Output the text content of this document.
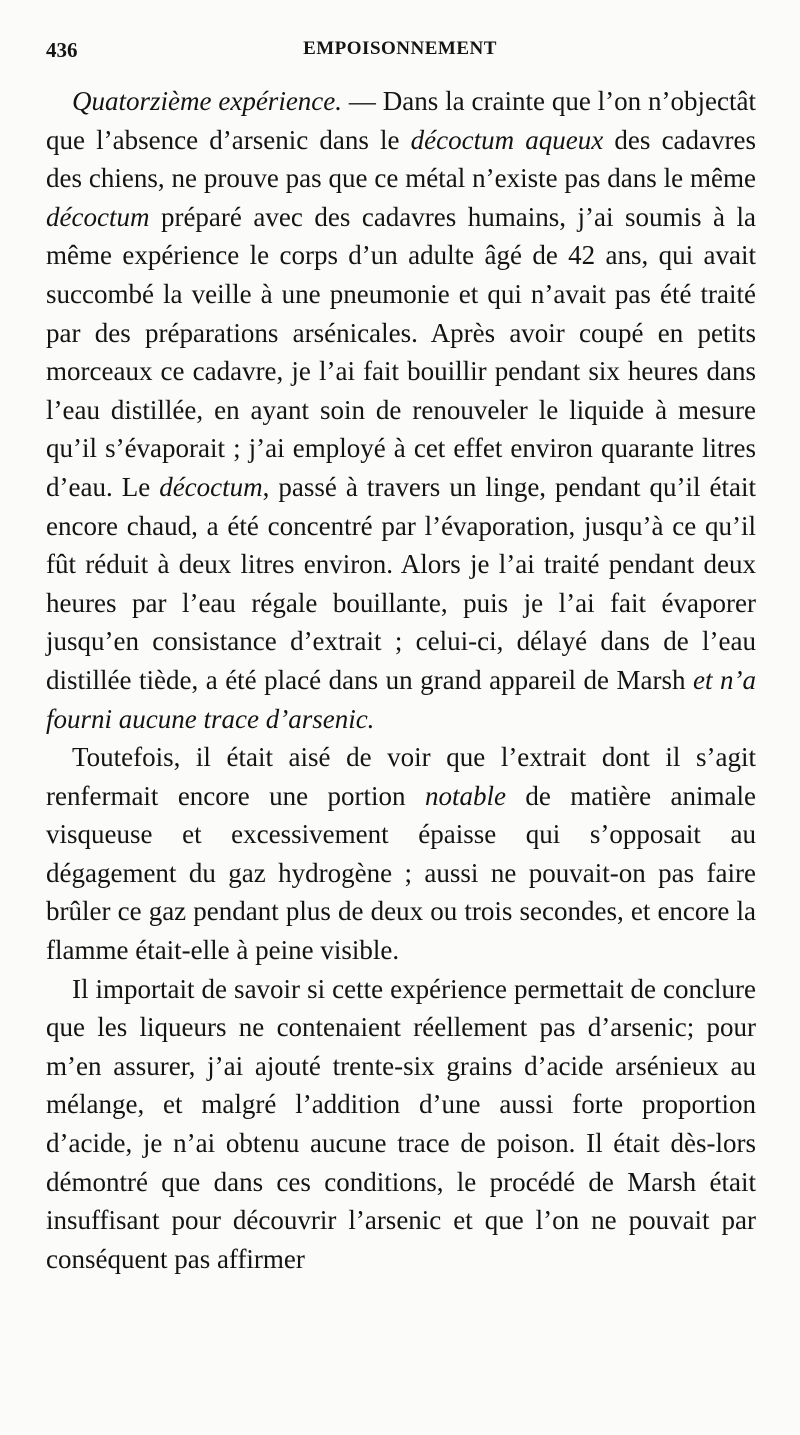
436	EMPOISONNEMENT

Quatorzième expérience. — Dans la crainte que l’on n’objectât que l’absence d’arsenic dans le décoctum aqueux des cadavres des chiens, ne prouve pas que ce métal n’existe pas dans le même décoctum préparé avec des cadavres humains, j’ai soumis à la même expérience le corps d’un adulte âgé de 42 ans, qui avait succombé la veille à une pneumonie et qui n’avait pas été traité par des préparations arsénicales. Après avoir coupé en petits morceaux ce cadavre, je l’ai fait bouillir pendant six heures dans l’eau distillée, en ayant soin de renouveler le liquide à mesure qu’il s’évaporait ; j’ai employé à cet effet environ quarante litres d’eau. Le décoctum, passé à travers un linge, pendant qu’il était encore chaud, a été concentré par l’évaporation, jusqu’à ce qu’il fût réduit à deux litres environ. Alors je l’ai traité pendant deux heures par l’eau régale bouillante, puis je l’ai fait évaporer jusqu’en consistance d’extrait ; celui-ci, délayé dans de l’eau distillée tiède, a été placé dans un grand appareil de Marsh et n’a fourni aucune trace d’arsenic.

Toutefois, il était aisé de voir que l’extrait dont il s’agit renfermait encore une portion notable de matière animale visqueuse et excessivement épaisse qui s’opposait au dégagement du gaz hydrogène ; aussi ne pouvait-on pas faire brûler ce gaz pendant plus de deux ou trois secondes, et encore la flamme était-elle à peine visible.

Il importait de savoir si cette expérience permettait de conclure que les liqueurs ne contenaient réellement pas d’arsenic; pour m’en assurer, j’ai ajouté trente-six grains d’acide arsénieux au mélange, et malgré l’addition d’une aussi forte proportion d’acide, je n’ai obtenu aucune trace de poison. Il était dès-lors démontré que dans ces conditions, le procédé de Marsh était insuffisant pour découvrir l’arsenic et que l’on ne pouvait par conséquent pas affirmer
